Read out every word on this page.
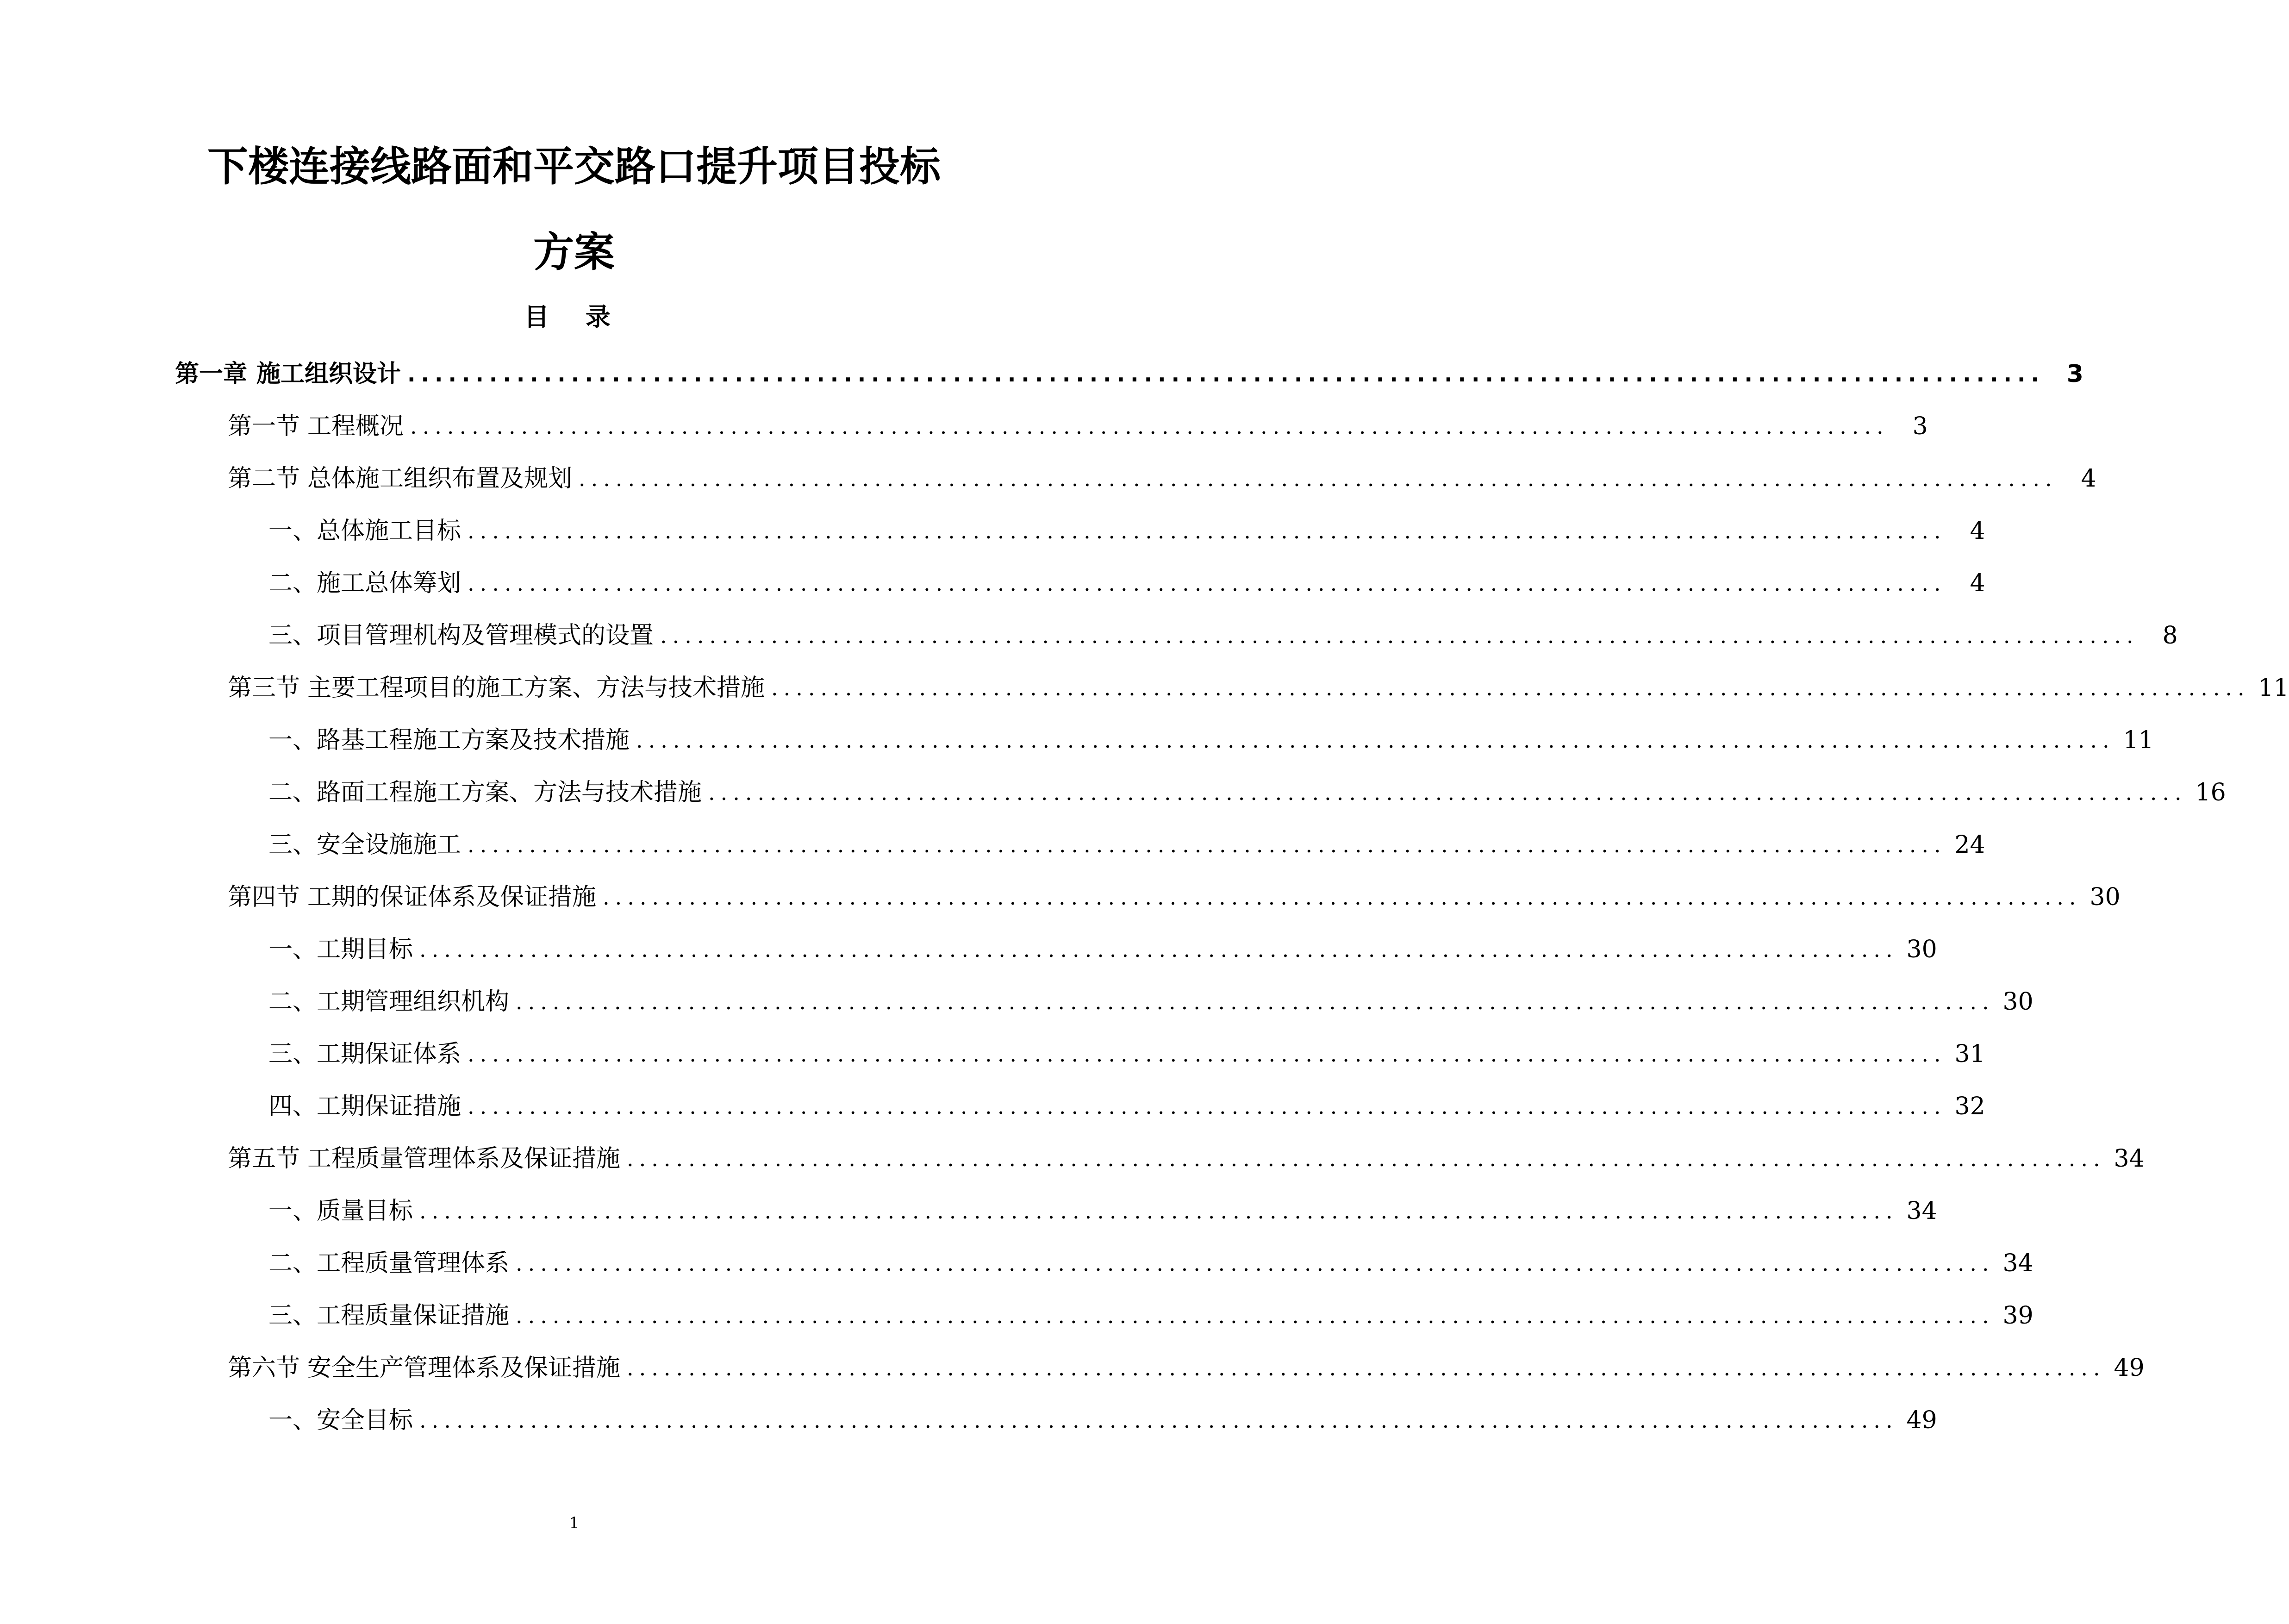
下楼连接线路面和平交路口提升项目投标
方案
目 录
第一章 施工组织设计 ........................................................................................................................ 3
第一节 工程概况 ........................................................................................................................ 3
第二节 总体施工组织布置及规划 ........................................................................................................................ 4
一、 总体施工目标 ........................................................................................................................ 4
二、 施工总体筹划 ........................................................................................................................ 4
三、 项目管理机构及管理模式的设置 ........................................................................................................................ 8
第三节 主要工程项目的施工方案、方法与技术措施 ........................................................................................................................ 11
一、 路基工程施工方案及技术措施 ........................................................................................................................ 11
二、 路面工程施工方案、方法与技术措施 ........................................................................................................................ 16
三、 安全设施施工 ........................................................................................................................ 24
第四节 工期的保证体系及保证措施 ........................................................................................................................ 30
一、 工期目标 ........................................................................................................................ 30
二、 工期管理组织机构 ........................................................................................................................ 30
三、 工期保证体系 ........................................................................................................................ 31
四、 工期保证措施 ........................................................................................................................ 32
第五节 工程质量管理体系及保证措施 ........................................................................................................................ 34
一、 质量目标 ........................................................................................................................ 34
二、 工程质量管理体系 ........................................................................................................................ 34
三、 工程质量保证措施 ........................................................................................................................ 39
第六节 安全生产管理体系及保证措施 ........................................................................................................................ 49
一、 安全目标 ........................................................................................................................ 49
1
